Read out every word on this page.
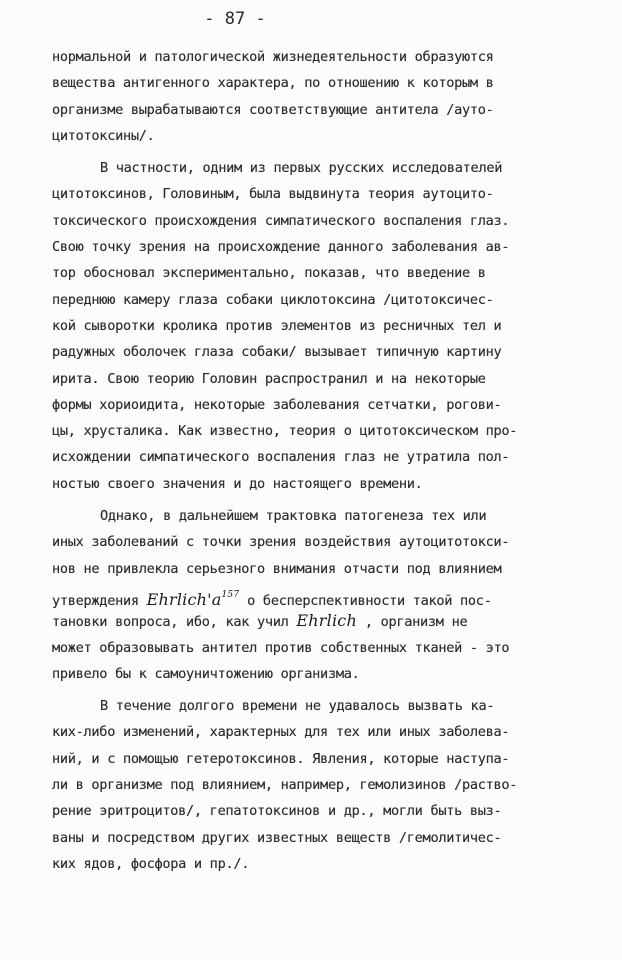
- 87 -
нормальной и патологической жизнедеятельности образуются
вещества антигенного характера, по отношению к которым в
организме вырабатываются соответствующие антитела /ауто-
цитотоксины/.
В частности, одним из первых русских исследователей
цитотоксинов, Головиным, была выдвинута теория аутоцито-
токсического происхождения симпатического воспаления глаз.
Свою точку зрения на происхождение данного заболевания ав-
тор обосновал экспериментально, показав, что введение в
переднюю камеру глаза собаки циклотоксина /цитотоксичес-
кой сыворотки кролика против элементов из ресничных тел и
радужных оболочек глаза собаки/ вызывает типичную картину
ирита. Свою теорию Головин распространил и на некоторые
формы хориоидита, некоторые заболевания сетчатки, рогови-
цы, хрусталика. Как известно, теория о цитотоксическом про-
исхождении симпатического воспаления глаз не утратила пол-
ностью своего значения и до настоящего времени.
Однако, в дальнейшем трактовка патогенеза тех или
иных заболеваний с точки зрения воздействия аутоцитотокси-
нов не привлекла серьезного внимания отчасти под влиянием
утверждения $Ehrlich'a^{157}$ о бесперспективности такой пос-
тановки вопроса, ибо, как учил Ehrlich , организм не
может образовывать антител против собственных тканей - это
привело бы к самоуничтожению организма.
В течение долгого времени не удавалось вызвать ка-
ких-либо изменений, характерных для тех или иных заболева-
ний, и с помощью гетеротоксинов. Явления, которые наступа-
ли в организме под влиянием, например, гемолизинов /раство-
рение эритроцитов/, гепатотоксинов и др., могли быть выз-
ваны и посредством других известных веществ /гемолитичес-
ких ядов, фосфора и пр./.
